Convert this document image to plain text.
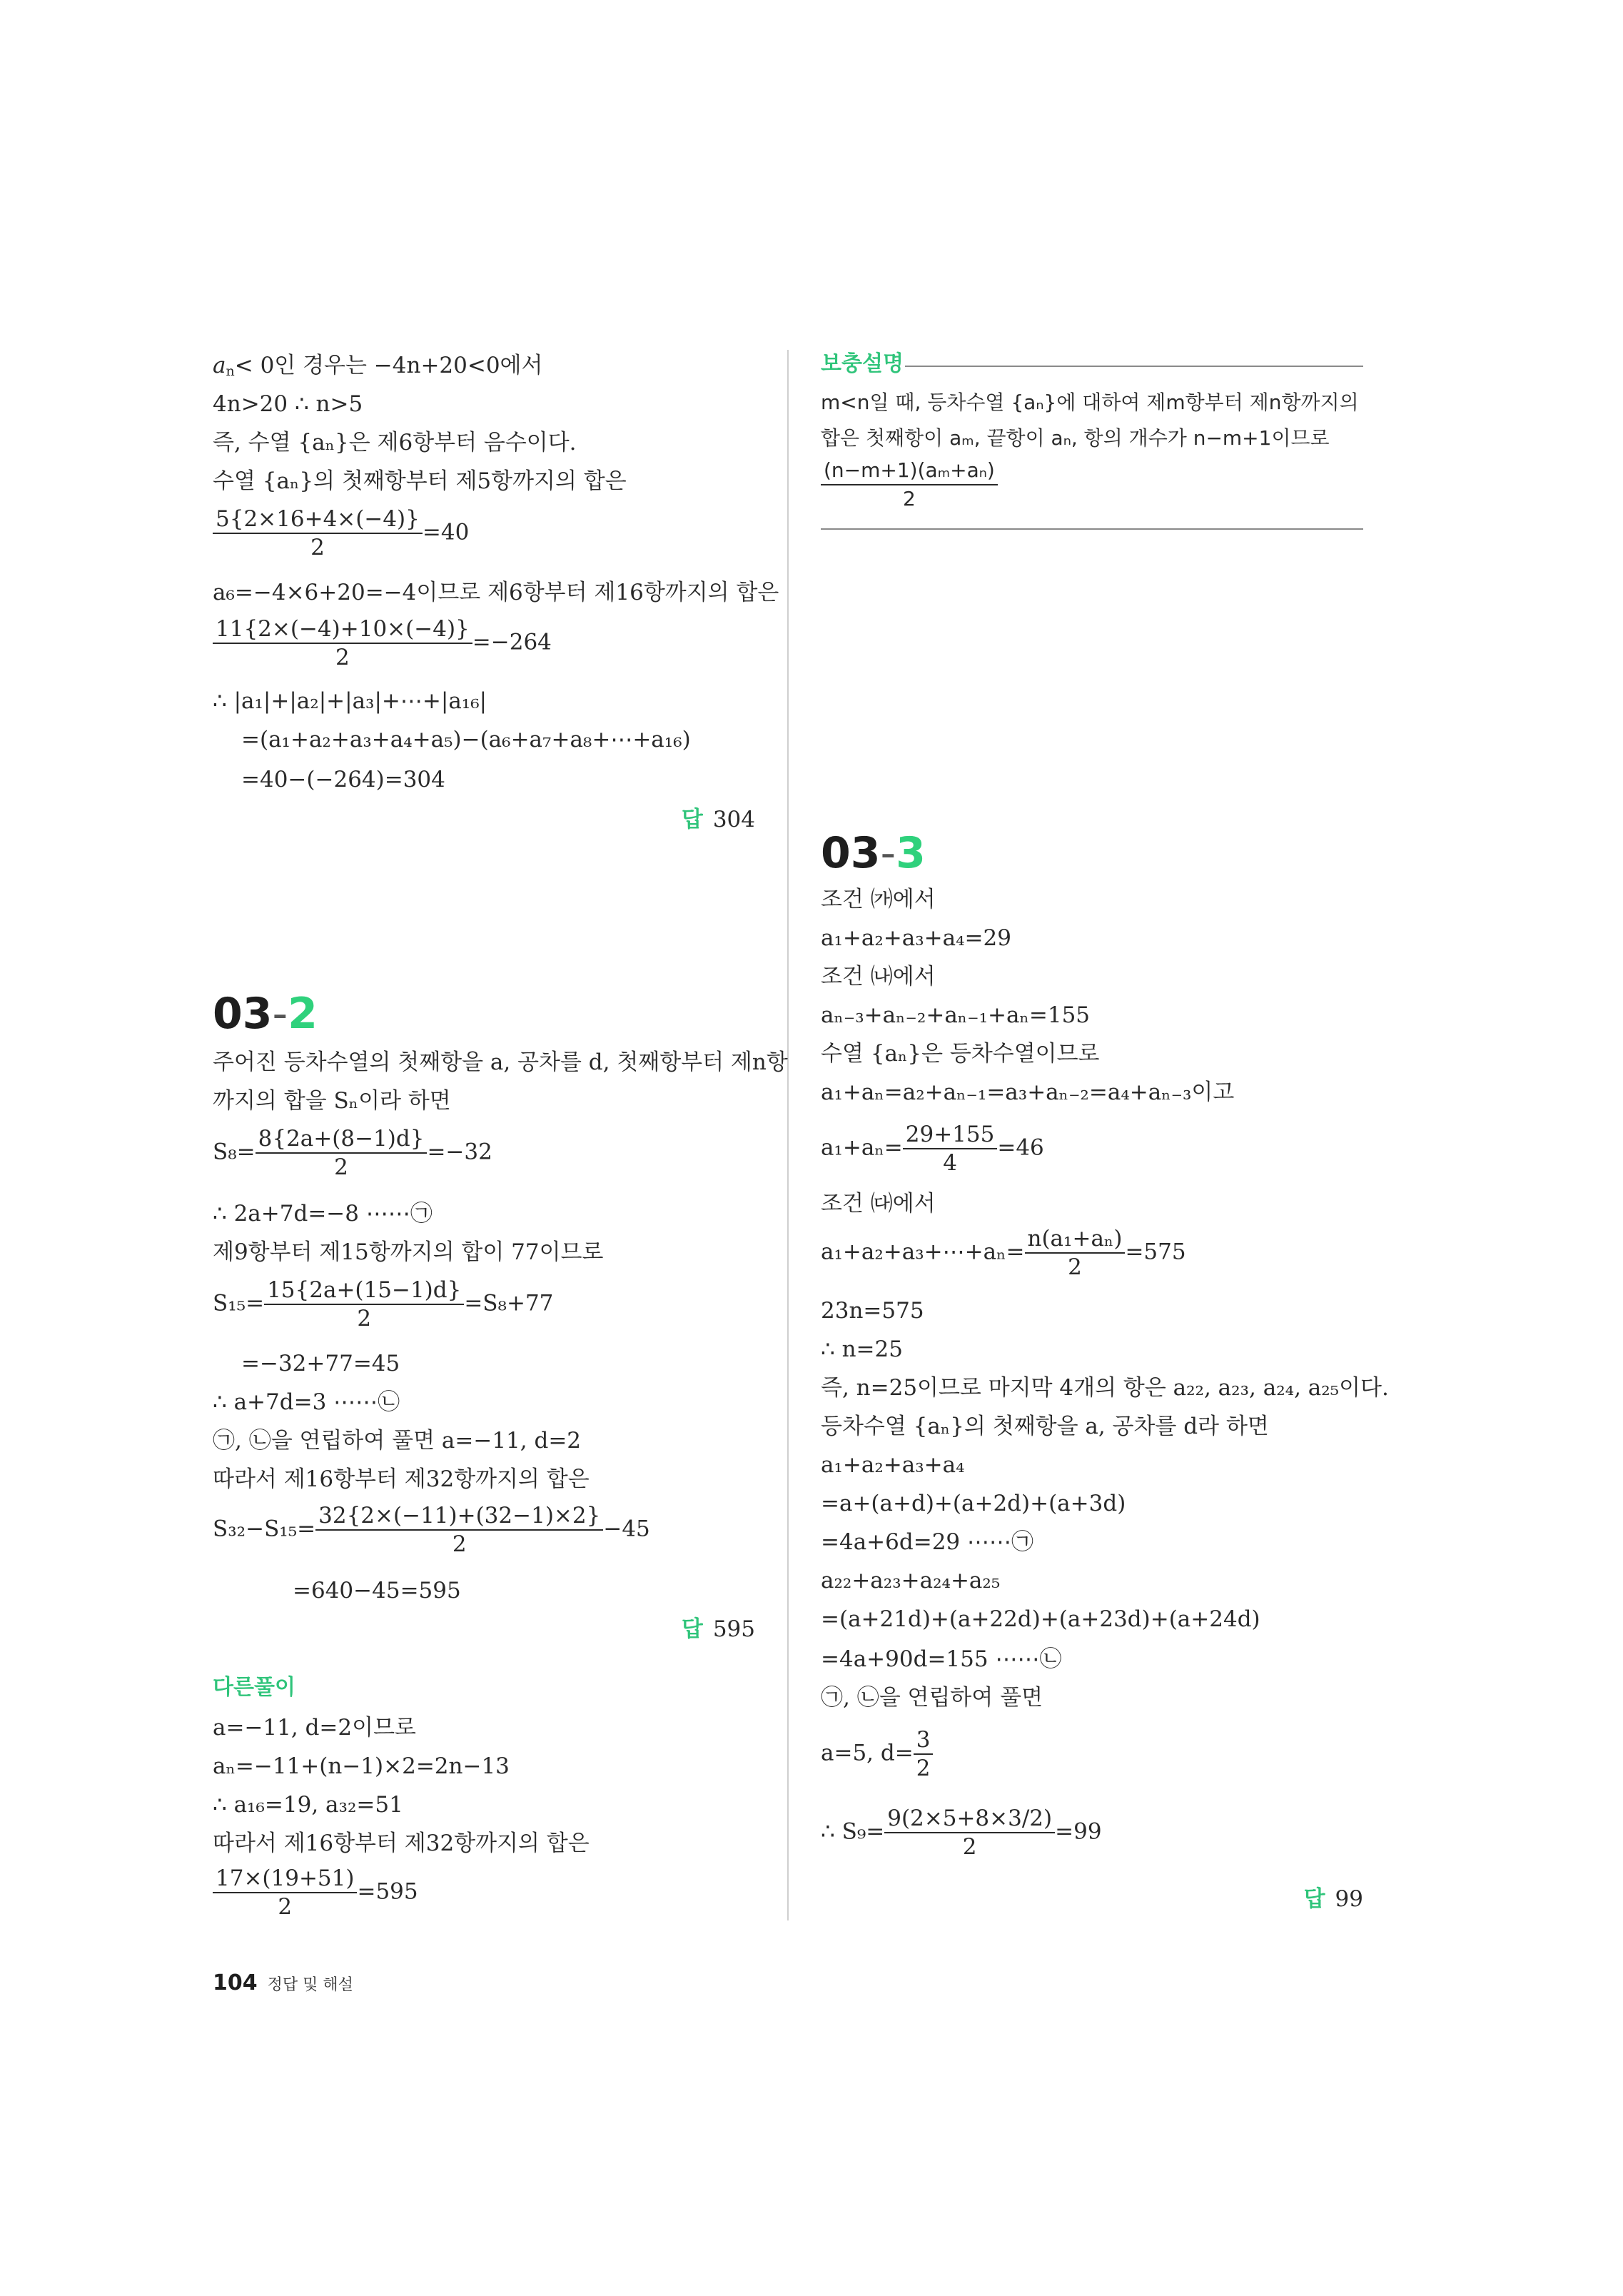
$a_n< 0$인 경우는 −4n+20<0에서
4n>20 ∴ n>5
즉, 수열 {aₙ}은 제6항부터 음수이다.
수열 {aₙ}의 첫째항부터 제5항까지의 합은
$\frac{5\{2\times 16+4\times(-4)\}}{2} =40$
a₆=−4×6+20=−4이므로 제6항부터 제16항까지의 합은
$\frac{11\{2\times(-4)+10\times(-4)\}}{2} =-264$
∴ |a₁|+|a₂|+|a₃|+⋯+|a₁₆|
=(a₁+a₂+a₃+a₄+a₅)−(a₆+a₇+a₈+⋯+a₁₆)
=40−(−264)=304
답 304
03-2
주어진 등차수열의 첫째항을 a, 공차를 d, 첫째항부터 제n항
까지의 합을 Sₙ이라 하면
$S_8= \frac{8\{2a+(8-1)d\}}{2} =-32$
∴ 2a+7d=−8 ⋯⋯㉠
제9항부터 제15항까지의 합이 77이므로
$S_{15}= \frac{15\{2a+(15-1)d\}}{2} =S_8+77$
=−32+77=45
∴ a+7d=3 ⋯⋯㉡
㉠, ㉡을 연립하여 풀면 a=−11, d=2
따라서 제16항부터 제32항까지의 합은
$S_{32}-S_{15}= \frac{32\{2\times(-11)+(32-1)\times 2\}}{2} -45$
=640−45=595
답 595
다른풀이
a=−11, d=2이므로
aₙ=−11+(n−1)×2=2n−13
∴ a₁₆=19, a₃₂=51
따라서 제16항부터 제32항까지의 합은
$\frac{17\times(19+51)}{2} =595$
보충설명
m<n일 때, 등차수열 {aₙ}에 대하여 제m항부터 제n항까지의
합은 첫째항이 aₘ, 끝항이 aₙ, 항의 개수가 n−m+1이므로
$\frac{\text{(n−m+1)(aₘ+aₙ)}}{2}$
03-3
조건 ㈎에서
a₁+a₂+a₃+a₄=29
조건 ㈏에서
aₙ₋₃+aₙ₋₂+aₙ₋₁+aₙ=155
수열 {aₙ}은 등차수열이므로
a₁+aₙ=a₂+aₙ₋₁=a₃+aₙ₋₂=a₄+aₙ₋₃이고
$a_1+a_n= \frac{29+155}{4} =46$
조건 ㈐에서
a₁+a₂+a₃+⋯+aₙ= $\frac{\text{n(a₁+aₙ)}}{2} =575$
23n=575
∴ n=25
즉, n=25이므로 마지막 4개의 항은 a₂₂, a₂₃, a₂₄, a₂₅이다.
등차수열 {aₙ}의 첫째항을 a, 공차를 d라 하면
a₁+a₂+a₃+a₄
=a+(a+d)+(a+2d)+(a+3d)
=4a+6d=29 ⋯⋯㉠
a₂₂+a₂₃+a₂₄+a₂₅
=(a+21d)+(a+22d)+(a+23d)+(a+24d)
=4a+90d=155 ⋯⋯㉡
㉠, ㉡을 연립하여 풀면
a=5, $d= \frac{3}{2}$
∴ $S_9= \frac{9(2\times 5+8\times 3/2)}{2} =99$
답 99
104 정답 및 해설
